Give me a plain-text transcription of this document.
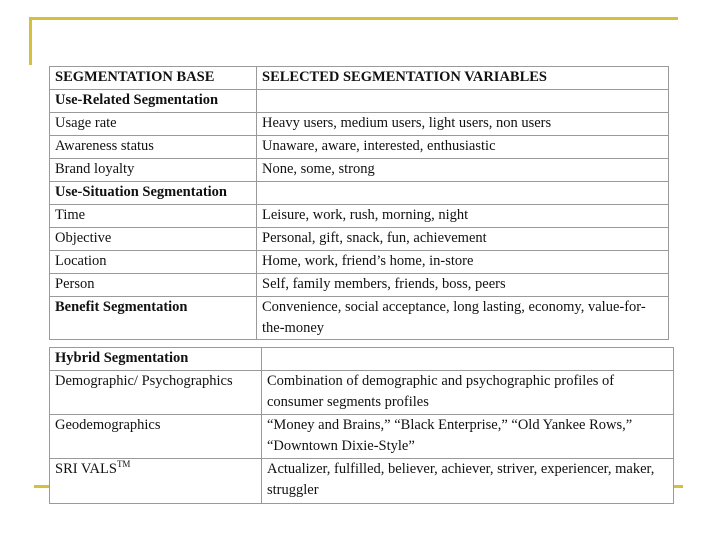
SEGMENTATION BASE	SELECTED SEGMENTATION VARIABLES
Use-Related Segmentation	
Usage rate	Heavy users, medium users, light users, non users
Awareness status	Unaware, aware, interested, enthusiastic
Brand loyalty	None, some, strong
Use-Situation Segmentation	
Time	Leisure, work, rush, morning, night
Objective	Personal, gift, snack, fun, achievement
Location	Home, work, friend’s home, in-store
Person	Self, family members, friends, boss, peers
Benefit Segmentation	Convenience, social acceptance, long lasting, economy, value-for-the-money
Hybrid Segmentation	
Demographic/ Psychographics	Combination of demographic and psychographic profiles of consumer segments profiles
Geodemographics	“Money and Brains,” “Black Enterprise,” “Old Yankee Rows,” “Downtown Dixie-Style”
SRI VALS™	Actualizer, fulfilled, believer, achiever, striver, experiencer, maker, struggler
